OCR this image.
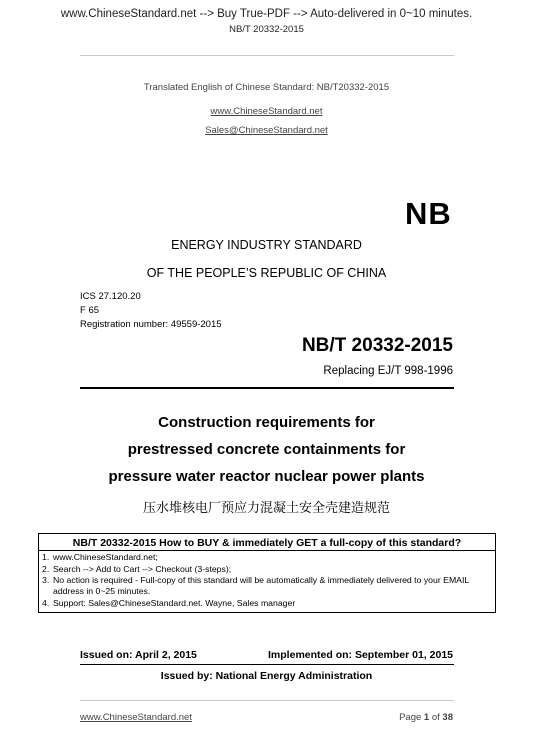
www.ChineseStandard.net --> Buy True-PDF --> Auto-delivered in 0~10 minutes.
NB/T 20332-2015
Translated English of Chinese Standard: NB/T20332-2015
www.ChineseStandard.net
Sales@ChineseStandard.net
NB
ENERGY INDUSTRY STANDARD
OF THE PEOPLE’S REPUBLIC OF CHINA
ICS 27.120.20
F 65
Registration number: 49559-2015
NB/T 20332-2015
Replacing EJ/T 998-1996
Construction requirements for
prestressed concrete containments for
pressure water reactor nuclear power plants
压水堆核电厂预应力混凝土安全壳建造规范
NB/T 20332-2015 How to BUY & immediately GET a full-copy of this standard?
1. www.ChineseStandard.net;
2. Search --> Add to Cart --> Checkout (3-steps);
3. No action is required - Full-copy of this standard will be automatically & immediately delivered to your EMAIL address in 0~25 minutes.
4. Support: Sales@ChineseStandard.net. Wayne, Sales manager
Issued on: April 2, 2015	Implemented on: September 01, 2015
Issued by: National Energy Administration
www.ChineseStandard.net	Page 1 of 38
